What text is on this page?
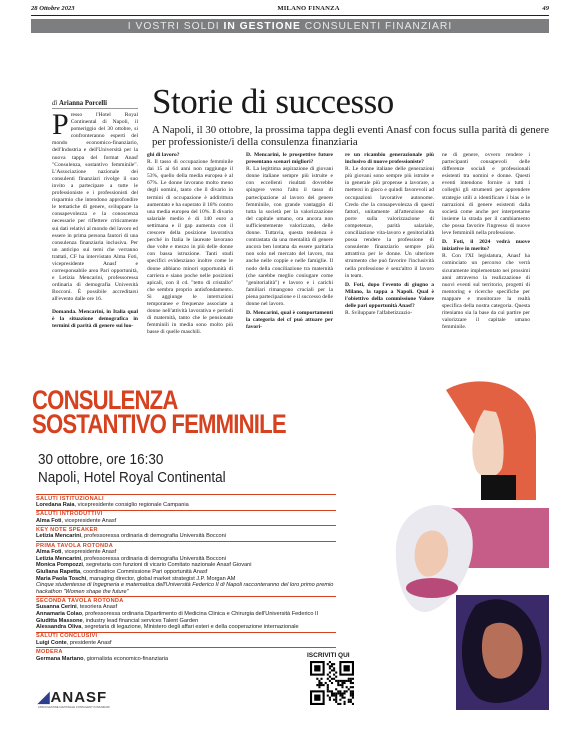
28 Ottobre 2023	MILANO FINANZA	49
I VOSTRI SOLDI
IN GESTIONE
CONSULENTI FINANZIARI
di Arianna Porcelli	Storie di successo
A Napoli, il 30 ottobre, la prossima tappa degli eventi Anasf con focus sulla parità di genere per professioniste/i della consulenza finanziaria
Presso l'Hotel Royal Continental di Napoli, il pomeriggio del 30 ottobre, si confronteranno esperti del mondo economico-finanziario, dell'Industria e dell'Università per la nuova tappa del format Anasf "Consulenza, sostantivo femminile". L'Associazione nazionale dei consulenti finanziari rivolge il suo invito a partecipare a tutte le professioniste e i professionisti del risparmio che intendono approfondire le tematiche di genere, sviluppare la consapevolezza e la conoscenza necessarie per riflettere criticamente sui dati relativi al mondo del lavoro ed essere in prima persona fautori di una consulenza finanziaria inclusiva. Per un anticipo sui temi che verranno trattati, CF ha intervistato Alma Foti, vicepresidente Anasf e corresponsabile area Pari opportunità, e Letizia Mencarini, professoressa ordinaria di demografia Università Bocconi. È possibile accreditarsi all'evento dalle ore 16.

Domanda. Mencarini, in Italia qual è la situazione demografica in termini di parità di genere sui luo-

ghi di lavoro?

R. Il tasso di occupazione femminile dai 15 ai 64 anni non raggiunge il 53%, quello della media europea è al 67%. Le donne lavorano molto meno degli uomini, tanto che il divario in termini di occupazione è addirittura aumentato e ha superato il 18% contro una media europea del 10%. Il divario salariale medio è di 140 euro a settimana e il gap aumenta con il crescere della posizione lavorativa perché in Italia le laureate lavorano due volte e mezzo in più delle donne con bassa istruzione. Tanti studi specifici evidenziano inoltre come le donne abbiano minori opportunità di carriera e siano poche nelle posizioni apicali, con il cd. "tetto di cristallo" che sembra proprio antisfondamento. Si aggiunge le interruzioni temporanee e frequenze associate a donne nell'attività lavorativa e periodi di maternità, tanto che le pensionate femminili in media sono molto più basse di quelle maschili.

D. Mencarini, le prospettive future presentano scenari migliori?

R. La legittima aspirazione di giovani donne italiane sempre più istruite e con eccellenti risultati dovrebbe spingere verso l'alto il tasso di partecipazione al lavoro del genere femminile, con grande vantaggio di tutta la società per la valorizzazione del capitale umano, ora ancora non sufficientemente valorizzato, delle donne. Tuttavia, questa tendenza è contrastata da una mentalità di genere ancora ben lontana da essere paritaria non solo nel mercato del lavoro, ma anche nelle coppie e nelle famiglie. Il nodo della conciliazione tra maternità (che sarebbe meglio coniugare come "genitorialità") e lavoro e i carichi familiari rimangono cruciali per la piena partecipazione e il successo delle donne nel lavoro.

D. Mencarini, qual è comportamenti la categoria dei cf può attuare per favori-

re un ricambio generazionale più inclusivo di nuove professioniste?

R. Le donne italiane delle generazioni più giovani sono sempre più istruite e in generale più propense a lavorare, a mettersi in gioco e quindi favorevoli ad occupazioni lavorative autonome. Credo che la consapevolezza di questi fattori, unitamente all'attenzione da porre sulla valorizzazione di competenze, parità salariale, conciliazione vita-lavoro e genitorialità possa rendere la professione di consulente finanziario sempre più attrattiva per le donne. Un ulteriore strumento che può favorire l'inclusività nella professione è senz'altro il lavoro in team.

D. Foti, dopo l'evento di giugno a Milano, la tappa a Napoli. Qual è l'obiettivo della commissione Valore delle pari opportunità Anasf?

R. Sviluppare l'alfabetizzazio-

ne di genere, ovvero rendere i partecipanti consapevoli delle differenze sociali e professionali esistenti tra uomini e donne. Questi eventi intendono fornire a tutti i colleghi gli strumenti per apprendere strategie utili a identificare i bias e le narrazioni di genere esistenti dalla società come anche per interpretarne insieme la strada per il cambiamento che possa favorire l'ingresso di nuove leve femminili nella professione.

D. Foti, il 2024 vedrà nuove iniziative in merito?

R. Con l'XI legislatura, Anasf ha cominciato un percorso che verrà sicuramente implementato nei prossimi anni attraverso la realizzazione di nuovi eventi sul territorio, progetti di mentoring e ricerche specifiche per mappare e monitorare la realtà specifica della nostra categoria. Questa riteniamo sia la base da cui partire per valorizzare il capitale umano femminile.

CONSULENZA
SOSTANTIVO FEMMINILE
30 ottobre, ore 16:30
Napoli, Hotel Royal Continental
SALUTI ISTITUZIONALI
Loredana Raia, vicepresidente consiglio regionale Campania
SALUTI INTRODUTTIVI
Alma Foti, vicepresidente Anasf
KEY NOTE SPEAKER
Letizia Mencarini, professoressa ordinaria di demografia Università Bocconi
PRIMA TAVOLA ROTONDA
Alma Foti, vicepresidente Anasf
Letizia Mencarini, professoressa ordinaria di demografia Università Bocconi
Monica Pompozzi, segretaria con funzioni di vicario Comitato nazionale Anasf Giovani
Giuliana Rapetta, coordinatrice Commissione Pari opportunità Anasf
Maria Paola Toschi, managing director, global market strategist J.P. Morgan AM
Cinque studentesse di Ingegneria e matematica dell'Università Federico II di Napoli racconteranno del loro primo premio hackathon "Women shape the future"
SECONDA TAVOLA ROTONDA
Susanna Cerini, tesoriera Anasf
Annamaria Colao, professoressa ordinaria Dipartimento di Medicina Clinica e Chirurgia dell'Università Federico II
Giuditta Massone, industry lead financial services Talent Garden
Alessandra Oliva, segretaria di legazione, Ministero degli affari esteri e della cooperazione internazionale
SALUTI CONCLUSIVI
Luigi Conte, presidente Anasf
MODERA
Germana Martano, giornalista economico-finanziaria	ISCRIVITI QUI
◢ANASF
ASSOCIAZIONE NAZIONALE CONSULENTI FINANZIARI
